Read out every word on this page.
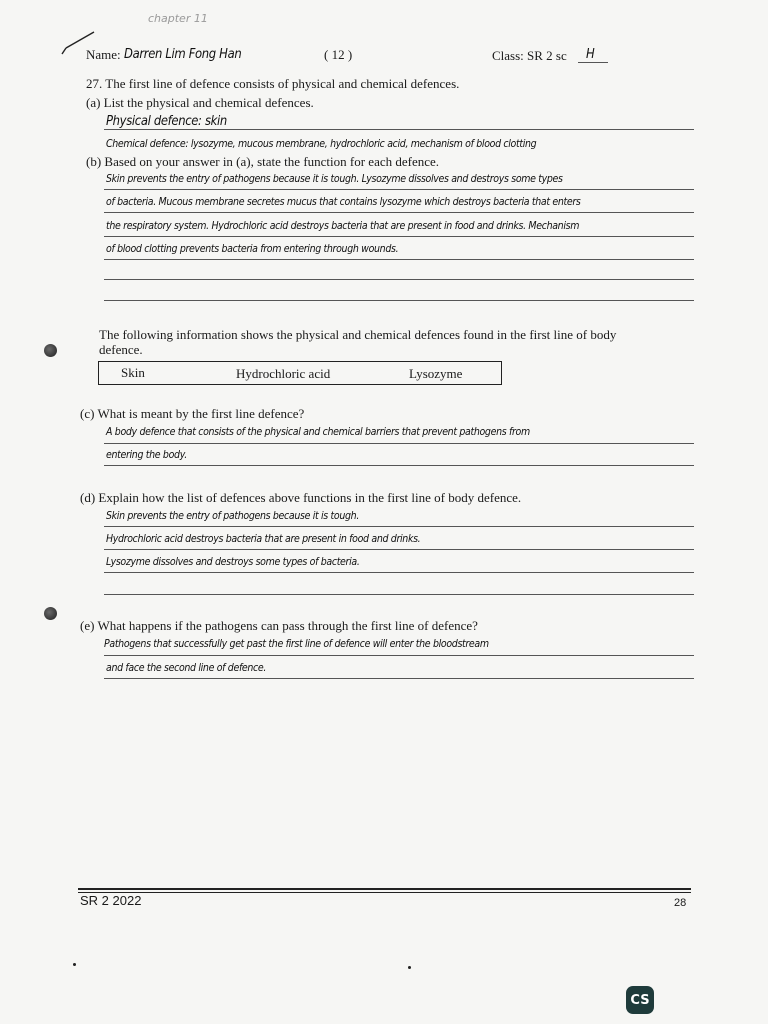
chapter 11
Name: Darren Lim Fong Han	( 12 )	Class: SR 2 sc H
27. The first line of defence consists of physical and chemical defences.
(a) List the physical and chemical defences.
Physical defence: skin
Chemical defence: lysozyme, mucous membrane, hydrochloric acid, mechanism of blood clotting
(b) Based on your answer in (a), state the function for each defence.
Skin prevents the entry of pathogens because it is tough. Lysozyme dissolves and destroys some types
of bacteria. Mucous membrane secretes mucus that contains lysozyme which destroys bacteria that enters
the respiratory system. Hydrochloric acid destroys bacteria that are present in food and drinks. Mechanism
of blood clotting prevents bacteria from entering through wounds.
The following information shows the physical and chemical defences found in the first line of body
defence.
Skin	Hydrochloric acid	Lysozyme
(c) What is meant by the first line defence?
A body defence that consists of the physical and chemical barriers that prevent pathogens from
entering the body.
(d) Explain how the list of defences above functions in the first line of body defence.
Skin prevents the entry of pathogens because it is tough.
Hydrochloric acid destroys bacteria that are present in food and drinks.
Lysozyme dissolves and destroys some types of bacteria.
(e) What happens if the pathogens can pass through the first line of defence?
Pathogens that successfully get past the first line of defence will enter the bloodstream
and face the second line of defence.
SR 2 2022	28
CS
